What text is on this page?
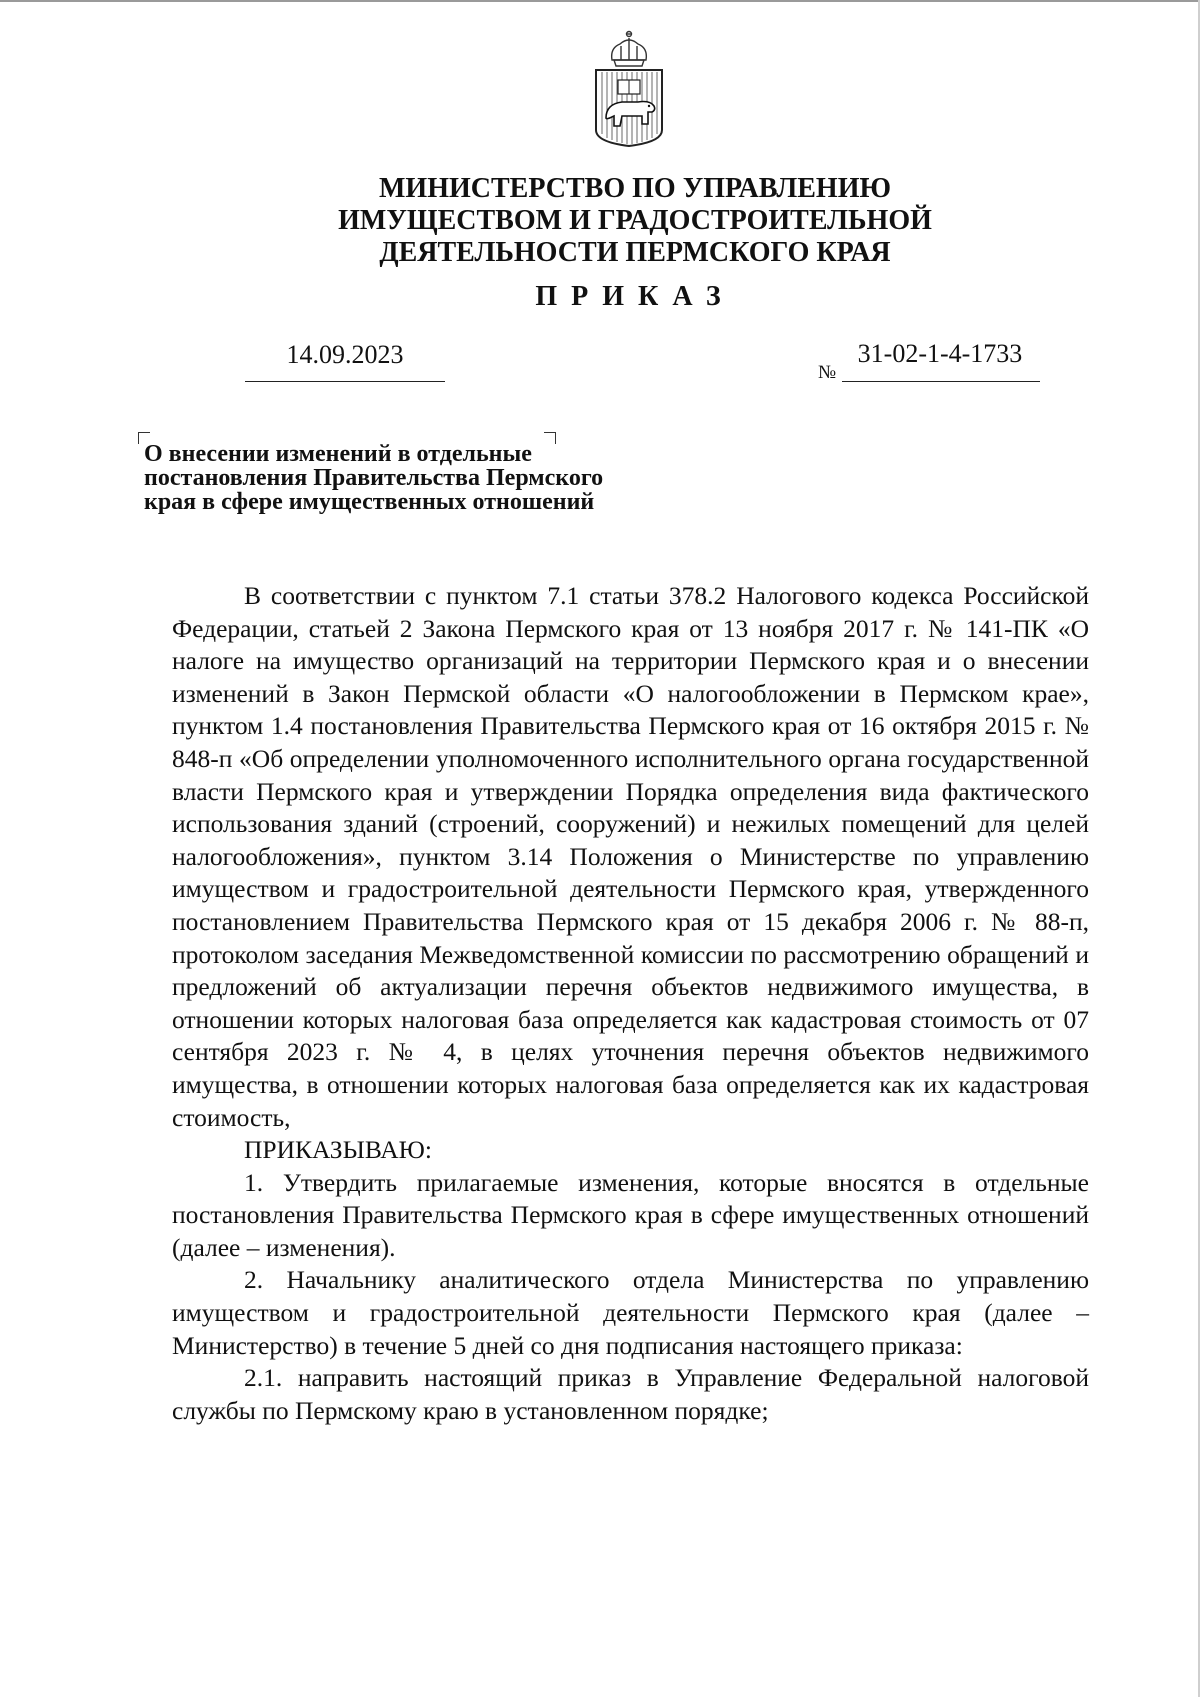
МИНИСТЕРСТВО ПО УПРАВЛЕНИЮ
ИМУЩЕСТВОМ И ГРАДОСТРОИТЕЛЬНОЙ
ДЕЯТЕЛЬНОСТИ ПЕРМСКОГО КРАЯ
ПРИКАЗ
14.09.2023
№
31-02-1-4-1733
О внесении изменений в отдельные
постановления Правительства Пермского
края в сфере имущественных отношений

В соответствии с пунктом 7.1 статьи 378.2 Налогового кодекса Российской Федерации, статьей 2 Закона Пермского края от 13 ноября 2017 г. № 141-ПК «О налоге на имущество организаций на территории Пермского края и о внесении изменений в Закон Пермской области «О налогообложении в Пермском крае», пунктом 1.4 постановления Правительства Пермского края от 16 октября 2015 г. № 848-п «Об определении уполномоченного исполнительного органа государственной власти Пермского края и утверждении Порядка определения вида фактического использования зданий (строений, сооружений) и нежилых помещений для целей налогообложения», пунктом 3.14 Положения о Министерстве по управлению имуществом и градостроительной деятельности Пермского края, утвержденного постановлением Правительства Пермского края от 15 декабря 2006 г. № 88-п, протоколом заседания Межведомственной комиссии по рассмотрению обращений и предложений об актуализации перечня объектов недвижимого имущества, в отношении которых налоговая база определяется как кадастровая стоимость от 07 сентября 2023 г. № 4, в целях уточнения перечня объектов недвижимого имущества, в отношении которых налоговая база определяется как их кадастровая стоимость,

ПРИКАЗЫВАЮ:

1. Утвердить прилагаемые изменения, которые вносятся в отдельные постановления Правительства Пермского края в сфере имущественных отношений (далее – изменения).

2. Начальнику аналитического отдела Министерства по управлению имуществом и градостроительной деятельности Пермского края (далее – Министерство) в течение 5 дней со дня подписания настоящего приказа:

2.1. направить настоящий приказ в Управление Федеральной налоговой службы по Пермскому краю в установленном порядке;
